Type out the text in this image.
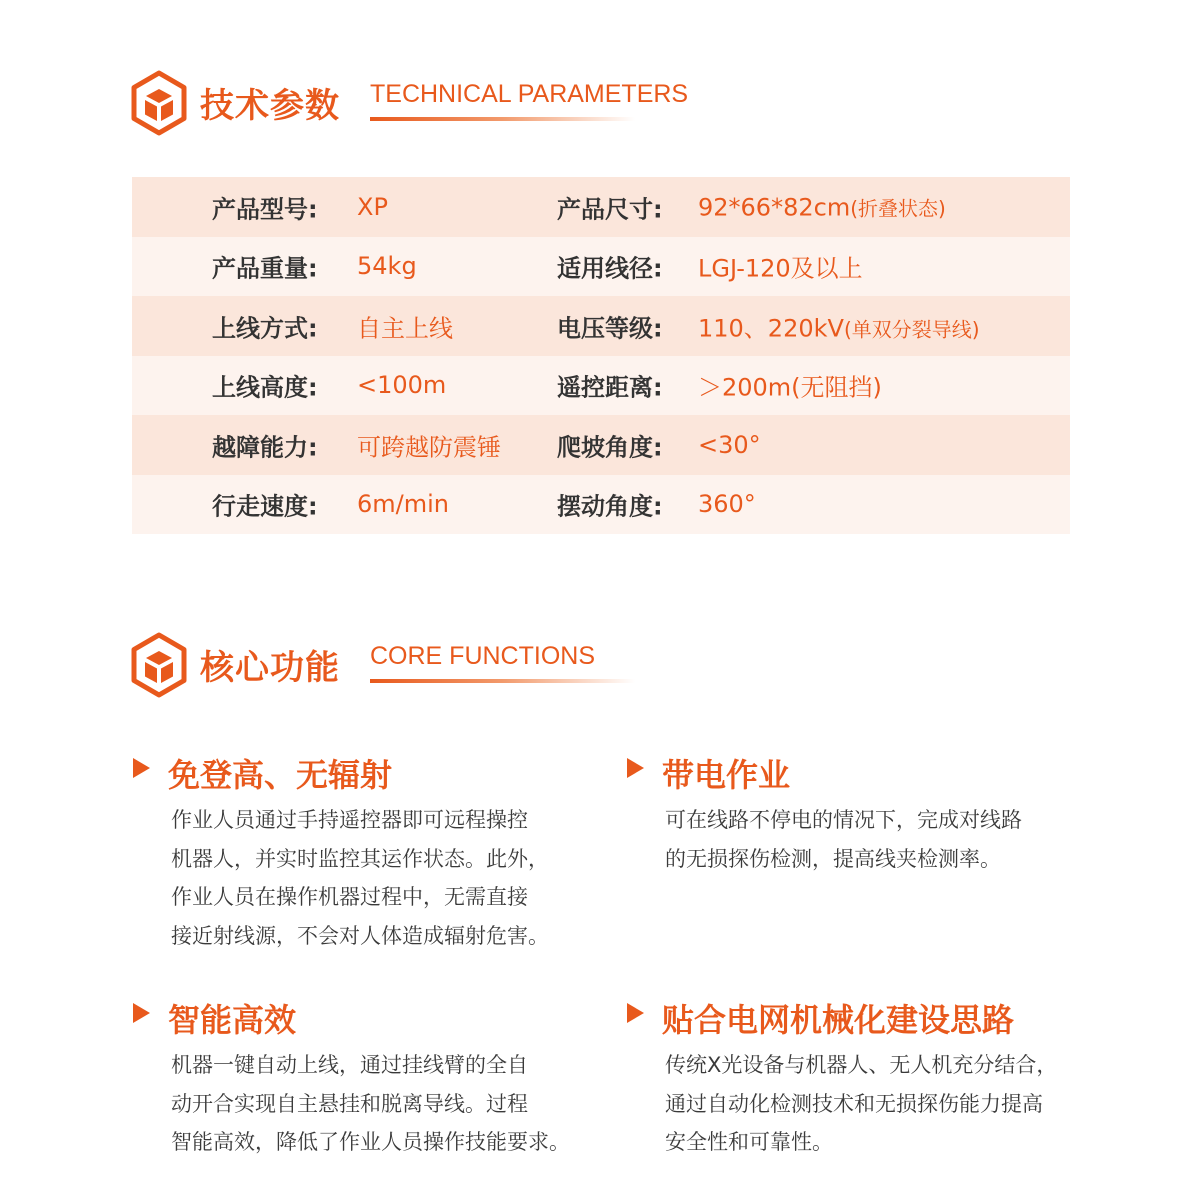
技术参数 TECHNICAL PARAMETERS
产品型号: XP	产品尺寸: 92*66*82cm(折叠状态)
产品重量: 54kg	适用线径: LGJ-120及以上
上线方式: 自主上线	电压等级: 110、220kV(单双分裂导线)
上线高度: <100m	遥控距离: ＞200m(无阻挡)
越障能力: 可跨越防震锤 爬坡角度: <30°
行走速度: 6m/min	摆动角度: 360°
核心功能 CORE FUNCTIONS
免登高、无辐射
作业人员通过手持遥控器即可远程操控
机器人，并实时监控其运作状态。此外，
作业人员在操作机器过程中，无需直接
接近射线源，不会对人体造成辐射危害。
带电作业
可在线路不停电的情况下，完成对线路
的无损探伤检测，提高线夹检测率。
智能高效
机器一键自动上线，通过挂线臂的全自
动开合实现自主悬挂和脱离导线。过程
智能高效，降低了作业人员操作技能要求。
贴合电网机械化建设思路
传统X光设备与机器人、无人机充分结合，
通过自动化检测技术和无损探伤能力提高
安全性和可靠性。
